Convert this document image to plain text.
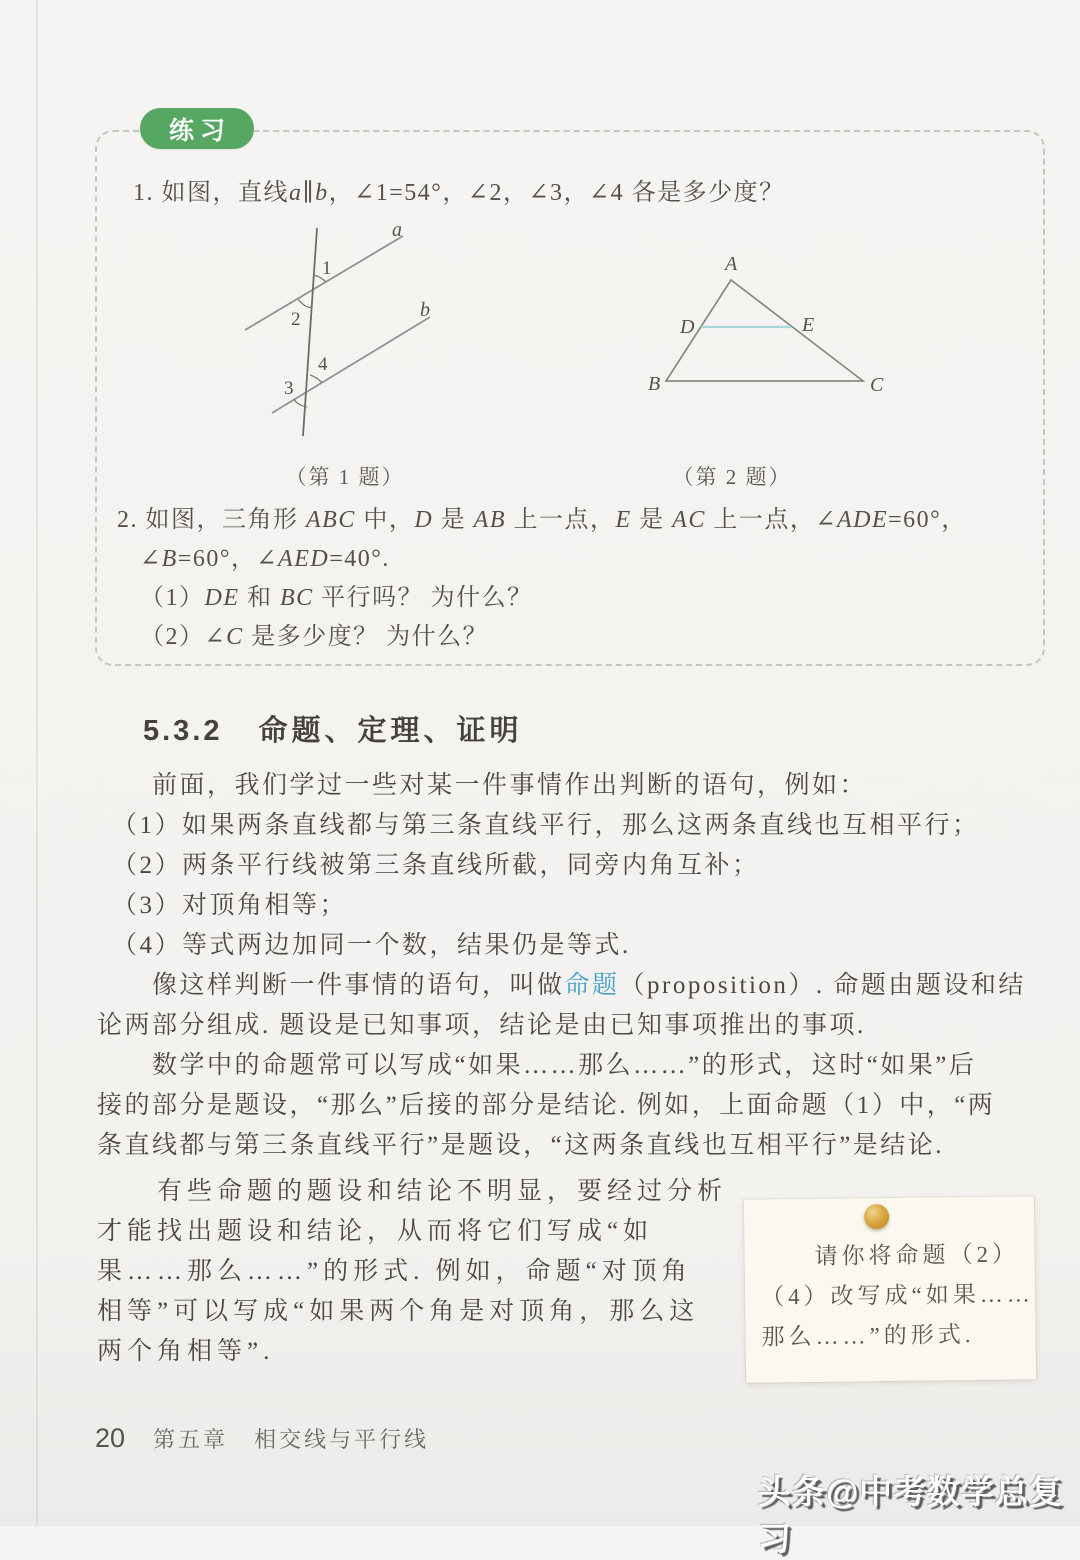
练习
1. 如图，直线a∥b，∠1=54°，∠2，∠3，∠4 各是多少度？
a
b
1
2
3
4
（第 1 题）
A
B	C
D	E
（第 2 题）
2. 如图，三角形 ABC 中，D 是 AB 上一点，E 是 AC 上一点，∠ADE=60°，
∠B=60°，∠AED=40°.
（1）DE 和 BC 平行吗？ 为什么？
（2）∠C 是多少度？ 为什么？
5.3.2 命题、定理、证明
　　前面，我们学过一些对某一件事情作出判断的语句，例如：
　（1）如果两条直线都与第三条直线平行，那么这两条直线也互相平行；
　（2）两条平行线被第三条直线所截，同旁内角互补；
　（3）对顶角相等；
　（4）等式两边加同一个数，结果仍是等式.
　　像这样判断一件事情的语句，叫做命题（proposition）. 命题由题设和结
论两部分组成. 题设是已知事项，结论是由已知事项推出的事项.
　　数学中的命题常可以写成“如果……那么……”的形式，这时“如果”后
接的部分是题设，“那么”后接的部分是结论. 例如，上面命题（1）中，“两
条直线都与第三条直线平行”是题设，“这两条直线也互相平行”是结论.
　　有些命题的题设和结论不明显，要经过分析
才能找出题设和结论，从而将它们写成“如
果……那么……”的形式. 例如，命题“对顶角
相等”可以写成“如果两个角是对顶角，那么这
两个角相等”.
　　请你将命题（2）
（4）改写成“如果……
那么……”的形式.
20 第五章 相交线与平行线
头条@中考数学总复习
